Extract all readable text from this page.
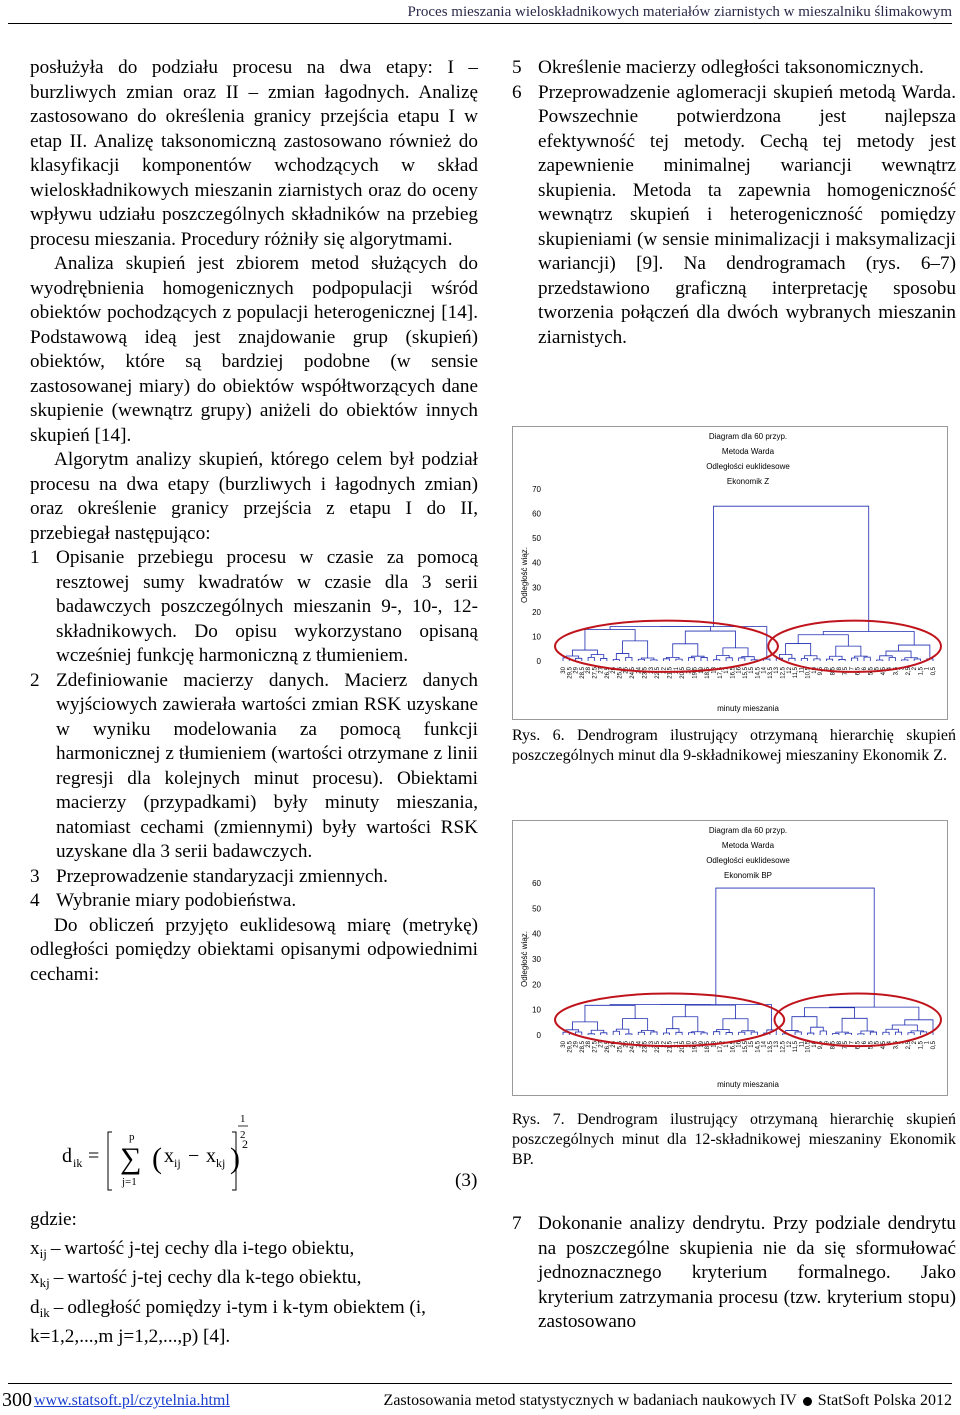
Proces mieszania wieloskładnikowych materiałów ziarnistych w mieszalniku ślimakowym
posłużyła do podziału procesu na dwa etapy: I – burzliwych zmian oraz II – zmian łagodnych. Analizę zastosowano do określenia granicy przejścia etapu I w etap II. Analizę taksonomiczną zastosowano również do klasyfikacji komponentów wchodzących w skład wieloskładnikowych mieszanin ziarnistych oraz do oceny wpływu udziału poszczególnych składników na przebieg procesu mieszania. Procedury różniły się algorytmami.
Analiza skupień jest zbiorem metod służących do wyodrębnienia homogenicznych podpopulacji wśród obiektów pochodzących z populacji heterogenicznej [14]. Podstawową ideą jest znajdowanie grup (skupień) obiektów, które są bardziej podobne (w sensie zastosowanej miary) do obiektów współtworzących dane skupienie (wewnątrz grupy) aniżeli do obiektów innych skupień [14].
Algorytm analizy skupień, którego celem był podział procesu na dwa etapy (burzliwych i łagodnych zmian) oraz określenie granicy przejścia z etapu I do II, przebiegał następująco:
1 Opisanie przebiegu procesu w czasie za pomocą resztowej sumy kwadratów w czasie dla 3 serii badawczych poszczególnych mieszanin 9-, 10-, 12-składnikowych. Do opisu wykorzystano opisaną wcześniej funkcję harmoniczną z tłumieniem.
2 Zdefiniowanie macierzy danych. Macierz danych wyjściowych zawierała wartości zmian RSK uzyskane w wyniku modelowania za pomocą funkcji harmonicznej z tłumieniem (wartości otrzymane z linii regresji dla kolejnych minut procesu). Obiektami macierzy (przypadkami) były minuty mieszania, natomiast cechami (zmiennymi) były wartości RSK uzyskane dla 3 serii badawczych.
3 Przeprowadzenie standaryzacji zmiennych.
4 Wybranie miary podobieństwa.
Do obliczeń przyjęto euklidesową miarę (metrykę) odległości pomiędzy obiektami opisanymi odpowiednimi cechami:
d ik =
p
∑
j=1
( x ij − x kj ) 2
1
2
(3)
gdzie:
$x_{ij}$ – wartość j-tej cechy dla i-tego obiektu,
$x_{kj}$ – wartość j-tej cechy dla k-tego obiektu,
$d_{ik}$ – odległość pomiędzy i-tym i k-tym obiektem (i, k=1,2,...,m j=1,2,...,p) [4].
5 Określenie macierzy odległości taksonomicznych.
6 Przeprowadzenie aglomeracji skupień metodą Warda. Powszechnie potwierdzona jest najlepsza efektywność tej metody. Cechą tej metody jest zapewnienie minimalnej wariancji wewnątrz skupienia. Metoda ta zapewnia homogeniczność wewnątrz skupień i heterogeniczność pomiędzy skupieniami (w sensie minimalizacji i maksymalizacji wariancji) [9]. Na dendrogramach (rys. 6–7) przedstawiono graficzną interpretację sposobu tworzenia połączeń dla dwóch wybranych mieszanin ziarnistych.
Diagram dla 60 przyp.
Metoda Warda
Odległości euklidesowe
Ekonomik Z
Odległość wiąz.
0
10
20
30
40
50
60
70
30 29,5 29 28,5 28 27,5 27 26,5 26 25,5 25 24,5 24 23,5 23 22,5 22 21,5 21 20,5 20 19,5 19 18,5 18 17,5 17 16,5 16 15,5 15 14,5 14 13,5 13 12,5 12 11,5 11 10,5 10 9,5 9 8,5 8 7,5 7 6,5 6 5,5 5 4,5 4 3,5 3 2,5 2 1,5 1 0,5
minuty mieszania
Rys. 6. Dendrogram ilustrujący otrzymaną hierarchię skupień poszczególnych minut dla 9-składnikowej mieszaniny Ekonomik Z.
Diagram dla 60 przyp.
Metoda Warda
Odległości euklidesowe
Ekonomik BP
Odległość wiąz.
0
10
20
30
40
50
60
30 29,5 29 28,5 28 27,5 27 26,5 26 25,5 25 24,5 24 23,5 23 22,5 22 21,5 21 20,5 20 19,5 19 18,5 18 17,5 17 16,5 16 15,5 15 14,5 14 13,5 13 12,5 12 11,5 11 10,5 10 9,5 9 8,5 8 7,5 7 6,5 6 5,5 5 4,5 4 3,5 3 2,5 2 1,5 1 0,5
minuty mieszania
Rys. 7. Dendrogram ilustrujący otrzymaną hierarchię skupień poszczególnych minut dla 12-składnikowej mieszaniny Ekonomik BP.
7 Dokonanie analizy dendrytu. Przy podziale dendrytu na poszczególne skupienia nie da się sformułować jednoznacznego kryterium formalnego. Jako kryterium zatrzymania procesu (tzw. kryterium stopu) zastosowano
300 www.statsoft.pl/czytelnia.html	Zastosowania metod statystycznych w badaniach naukowych IV StatSoft Polska 2012
